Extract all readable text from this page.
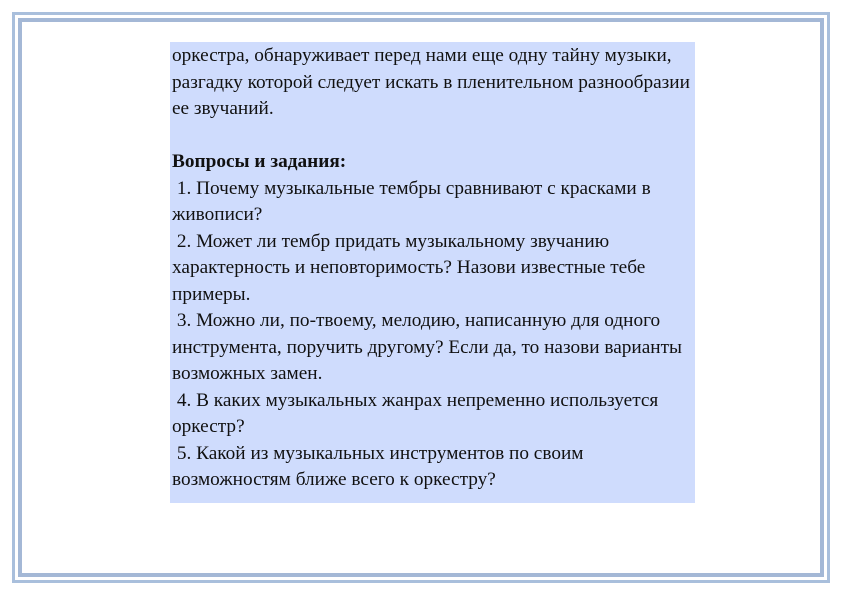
оркестра, обнаруживает перед нами еще одну тайну музыки, разгадку которой следует искать в пленительном разнообразии ее звучаний.

Вопросы и задания:

1. Почему музыкальные тембры сравнивают с красками в живописи?

2. Может ли тембр придать музыкальному звучанию характерность и неповторимость? Назови известные тебе примеры.

3. Можно ли, по-твоему, мелодию, написанную для одного инструмента, поручить другому? Если да, то назови варианты возможных замен.

4. В каких музыкальных жанрах непременно используется оркестр?

5. Какой из музыкальных инструментов по своим возможностям ближе всего к оркестру?
